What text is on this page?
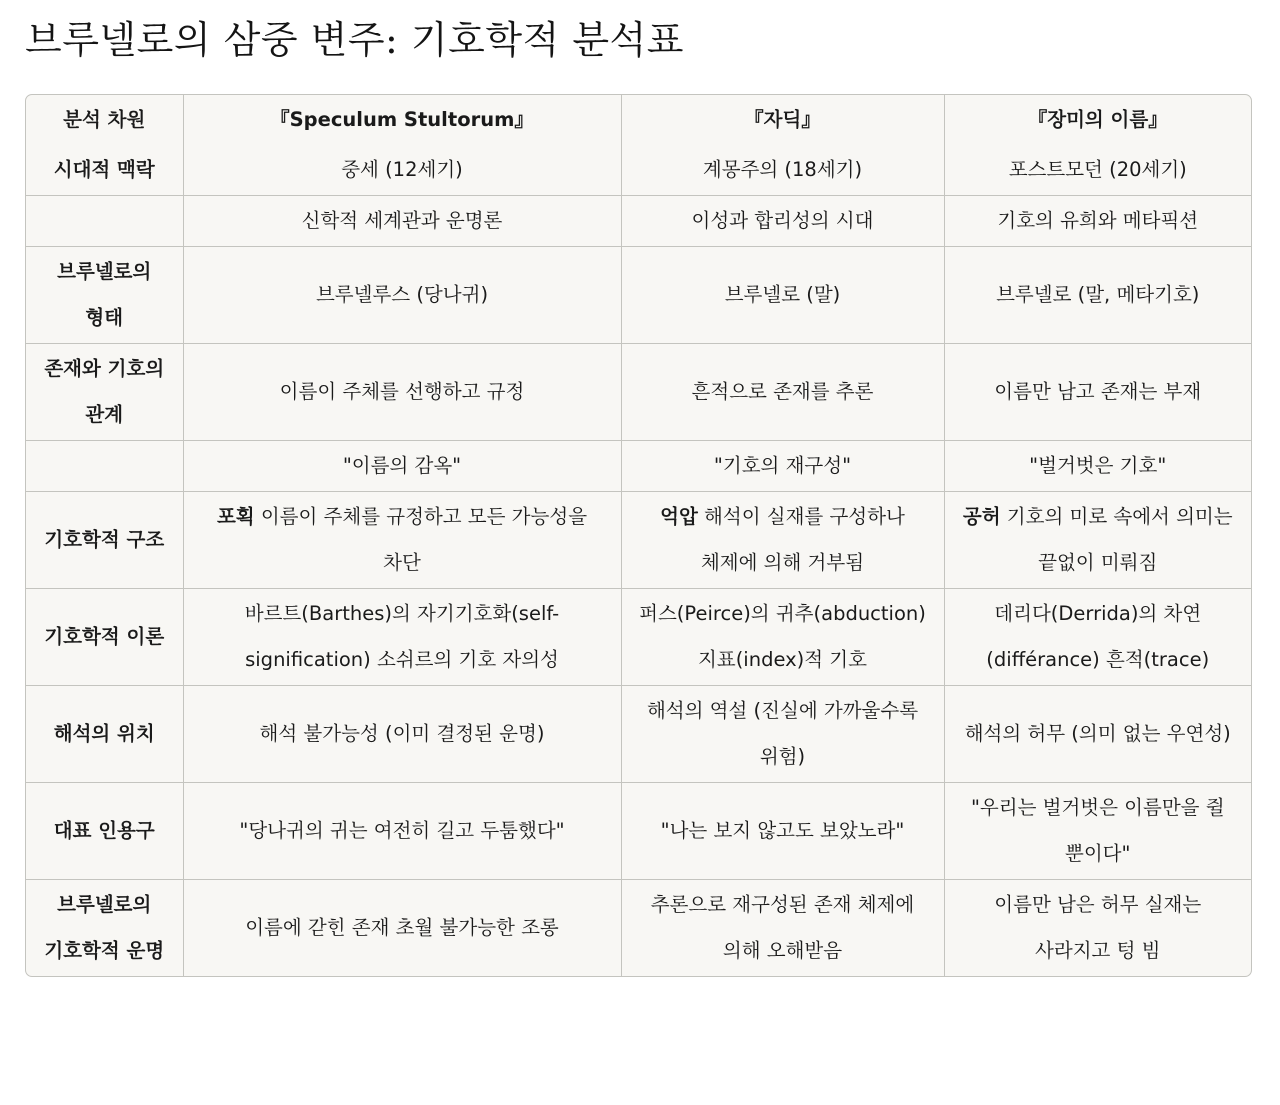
브루넬로의 삼중 변주: 기호학적 분석표
분석 차원	『Speculum Stultorum』	『자딕』	『장미의 이름』
시대적 맥락	중세 (12세기)	계몽주의 (18세기)	포스트모던 (20세기)
	신학적 세계관과 운명론	이성과 합리성의 시대	기호의 유희와 메타픽션
브루넬로의 형태	브루넬루스 (당나귀)	브루넬로 (말)	브루넬로 (말, 메타기호)
존재와 기호의 관계	이름이 주체를 선행하고 규정	흔적으로 존재를 추론	이름만 남고 존재는 부재
	"이름의 감옥"	"기호의 재구성"	"벌거벗은 기호"
기호학적 구조	포획 이름이 주체를 규정하고 모든 가능성을 차단	억압 해석이 실재를 구성하나 체제에 의해 거부됨	공허 기호의 미로 속에서 의미는 끝없이 미뤄짐
기호학적 이론	바르트(Barthes)의 자기기호화(self-signification) 소쉬르의 기호 자의성	퍼스(Peirce)의 귀추(abduction) 지표(index)적 기호	데리다(Derrida)의 차연(différance) 흔적(trace)
해석의 위치	해석 불가능성 (이미 결정된 운명)	해석의 역설 (진실에 가까울수록 위험)	해석의 허무 (의미 없는 우연성)
대표 인용구	"당나귀의 귀는 여전히 길고 두툼했다"	"나는 보지 않고도 보았노라"	"우리는 벌거벗은 이름만을 쥘 뿐이다"
브루넬로의 기호학적 운명	이름에 갇힌 존재 초월 불가능한 조롱	추론으로 재구성된 존재 체제에 의해 오해받음	이름만 남은 허무 실재는 사라지고 텅 빔
